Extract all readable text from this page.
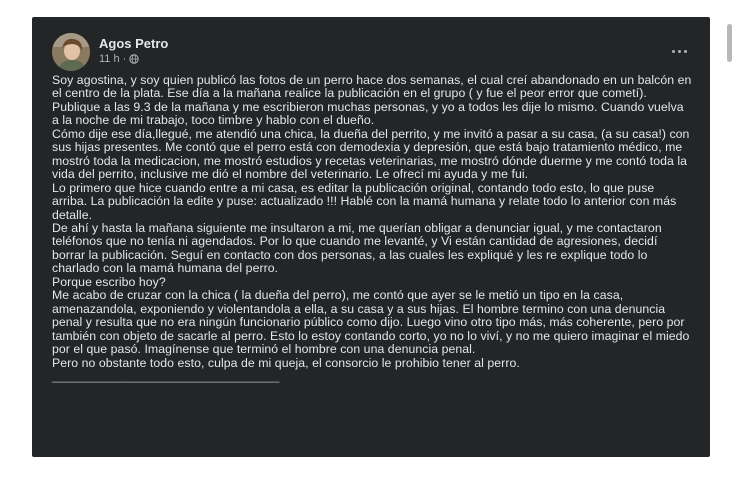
Agos Petro
11 h ·

Soy agostina, y soy quien publicó las fotos de un perro hace dos semanas, el cual creí abandonado en un balcón en el centro de la plata. Ese día a la mañana realice la publicación en el grupo ( y fue el peor error que cometí).

Publique a las 9.3 de la mañana y me escribieron muchas personas, y yo a todos les dije lo mismo. Cuando vuelva a la noche de mi trabajo, toco timbre y hablo con el dueño.

Cómo dije ese día,llegué, me atendió una chica, la dueña del perrito, y me invitó a pasar a su casa, (a su casa!) con sus hijas presentes. Me contó que el perro está con demodexia y depresión, que está bajo tratamiento médico, me mostró toda la medicacion, me mostró estudios y recetas veterinarias, me mostró dónde duerme y me contó toda la vida del perrito, inclusive me dió el nombre del veterinario. Le ofrecí mi ayuda y me fui.

Lo primero que hice cuando entre a mi casa, es editar la publicación original, contando todo esto, lo que puse arriba. La publicación la edite y puse: actualizado !!! Hablé con la mamá humana y relate todo lo anterior con más detalle.

De ahí y hasta la mañana siguiente me insultaron a mi, me querían obligar a denunciar igual, y me contactaron teléfonos que no tenía ni agendados. Por lo que cuando me levanté, y Vi están cantidad de agresiones, decidí borrar la publicación. Seguí en contacto con dos personas, a las cuales les expliqué y les re explique todo lo charlado con la mamá humana del perro.

Porque escribo hoy?

Me acabo de cruzar con la chica ( la dueña del perro), me contó que ayer se le metió un tipo en la casa, amenazandola, exponiendo y violentandola a ella, a su casa y a sus hijas. El hombre termino con una denuncia penal y resulta que no era ningún funcionario público como dijo. Luego vino otro tipo más, más coherente, pero por también con objeto de sacarle al perro. Esto lo estoy contando corto, yo no lo viví, y no me quiero imaginar el miedo por el que pasó. Imagínense que terminó el hombre con una denuncia penal.

Pero no obstante todo esto, culpa de mi queja, el consorcio le prohibio tener al perro.

_________________________________
